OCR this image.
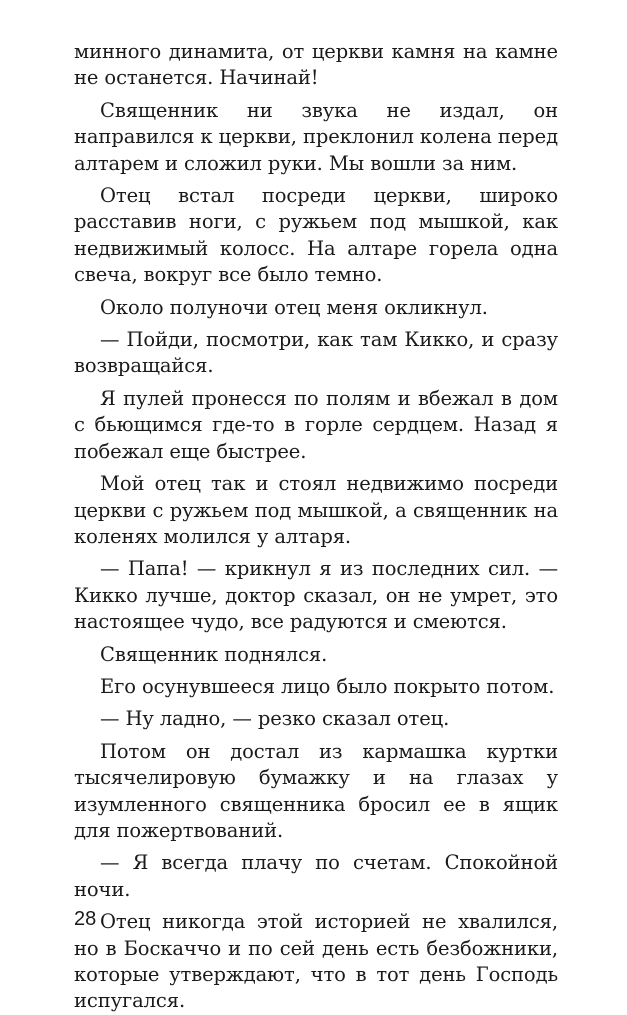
минного динамита, от церкви камня на камне не останется. Начинай!

Священник ни звука не издал, он направился к церкви, преклонил колена перед алтарем и сложил руки. Мы вошли за ним.

Отец встал посреди церкви, широко расставив ноги, с ружьем под мышкой, как недвижимый колосс. На алтаре горела одна свеча, вокруг все было темно.

Около полуночи отец меня окликнул.

— Пойди, посмотри, как там Кикко, и сразу возвращайся.

Я пулей пронесся по полям и вбежал в дом с бьющимся где-то в горле сердцем. Назад я побежал еще быстрее.

Мой отец так и стоял недвижимо посреди церкви с ружьем под мышкой, а священник на коленях молился у алтаря.

— Папа! — крикнул я из последних сил. — Кикко лучше, доктор сказал, он не умрет, это настоящее чудо, все радуются и смеются.

Священник поднялся.

Его осунувшееся лицо было покрыто потом.

— Ну ладно, — резко сказал отец.

Потом он достал из кармашка куртки тысячелировую бумажку и на глазах у изумленного священника бросил ее в ящик для пожертвований.

— Я всегда плачу по счетам. Спокойной ночи.

Отец никогда этой историей не хвалился, но в Боскаччо и по сей день есть безбожники, которые утверждают, что в тот день Господь испугался.

28
